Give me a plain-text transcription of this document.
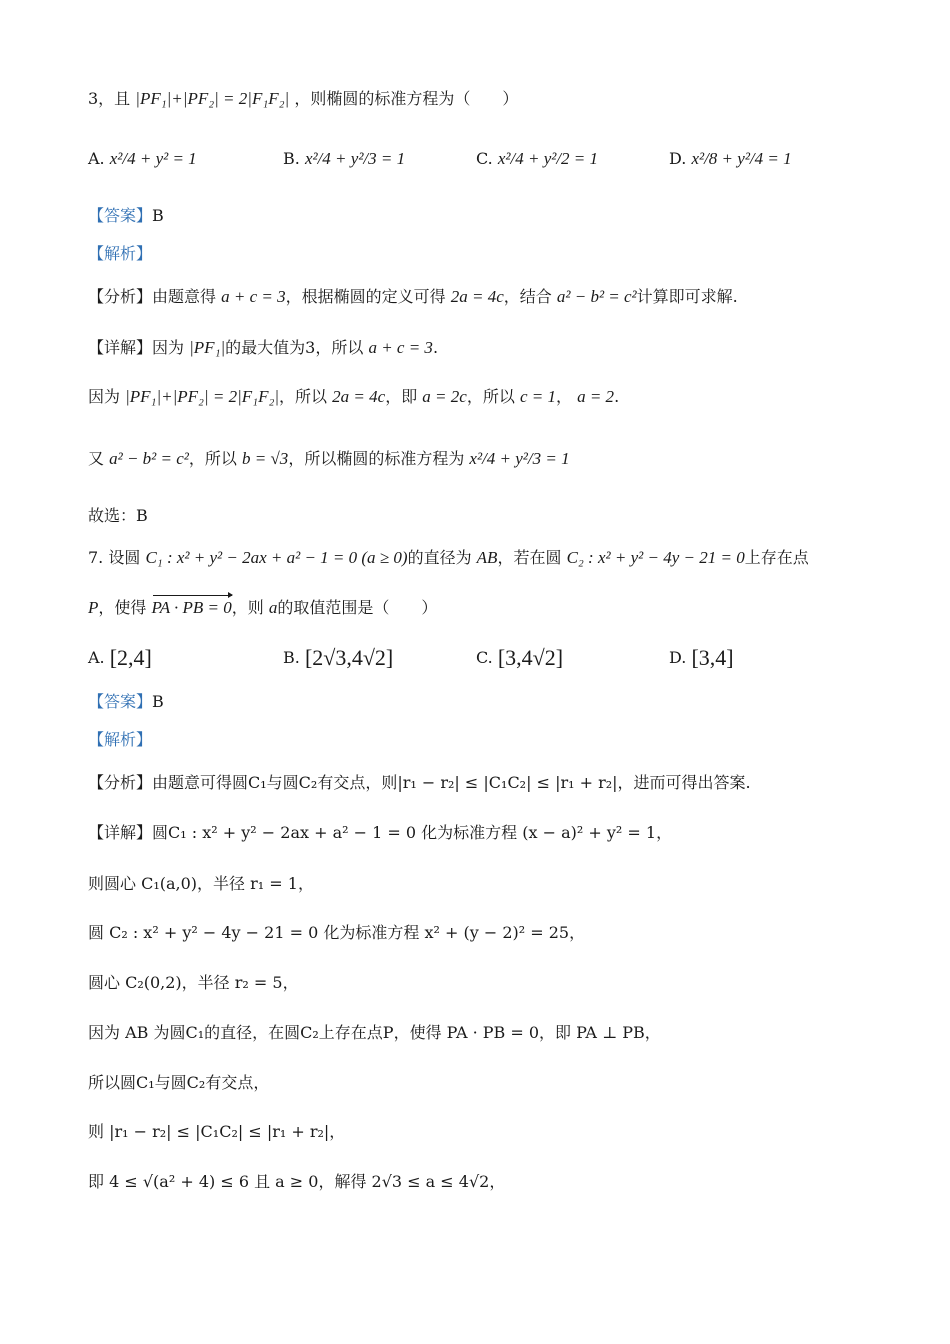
3，且 |PF₁|+|PF₂| = 2|F₁F₂| ，则椭圆的标准方程为（　　）
A. x²/4 + y² = 1	B. x²/4 + y²/3 = 1	C. x²/4 + y²/2 = 1	D. x²/8 + y²/4 = 1
【答案】B
【解析】
【分析】由题意得 a + c = 3，根据椭圆的定义可得 2a = 4c，结合 a² − b² = c²计算即可求解.
【详解】因为 |PF₁|的最大值为3，所以 a + c = 3.
因为 |PF₁|+|PF₂| = 2|F₁F₂|，所以 2a = 4c，即 a = 2c，所以 c = 1， a = 2.
又 a² − b² = c²，所以 b = √3，所以椭圆的标准方程为 x²/4 + y²/3 = 1
故选：B
7. 设圆 C₁ : x² + y² − 2ax + a² − 1 = 0 (a ≥ 0)的直径为 AB，若在圆 C₂ : x² + y² − 4y − 21 = 0上存在点
P，使得 PA · PB = 0，则 a的取值范围是（　　）
A. [2,4]	B. [2√3,4√2]	C. [3,4√2]	D. [3,4]
【答案】B
【解析】
【分析】由题意可得圆C₁与圆C₂有交点，则|r₁ − r₂| ≤ |C₁C₂| ≤ |r₁ + r₂|，进而可得出答案.
【详解】圆C₁ : x² + y² − 2ax + a² − 1 = 0 化为标准方程 (x − a)² + y² = 1，
则圆心 C₁(a,0)，半径 r₁ = 1，
圆 C₂ : x² + y² − 4y − 21 = 0 化为标准方程 x² + (y − 2)² = 25，
圆心 C₂(0,2)，半径 r₂ = 5，
因为 AB 为圆C₁的直径，在圆C₂上存在点P，使得 PA · PB = 0，即 PA ⊥ PB，
所以圆C₁与圆C₂有交点，
则 |r₁ − r₂| ≤ |C₁C₂| ≤ |r₁ + r₂|，
即 4 ≤ √(a² + 4) ≤ 6 且 a ≥ 0，解得 2√3 ≤ a ≤ 4√2，
